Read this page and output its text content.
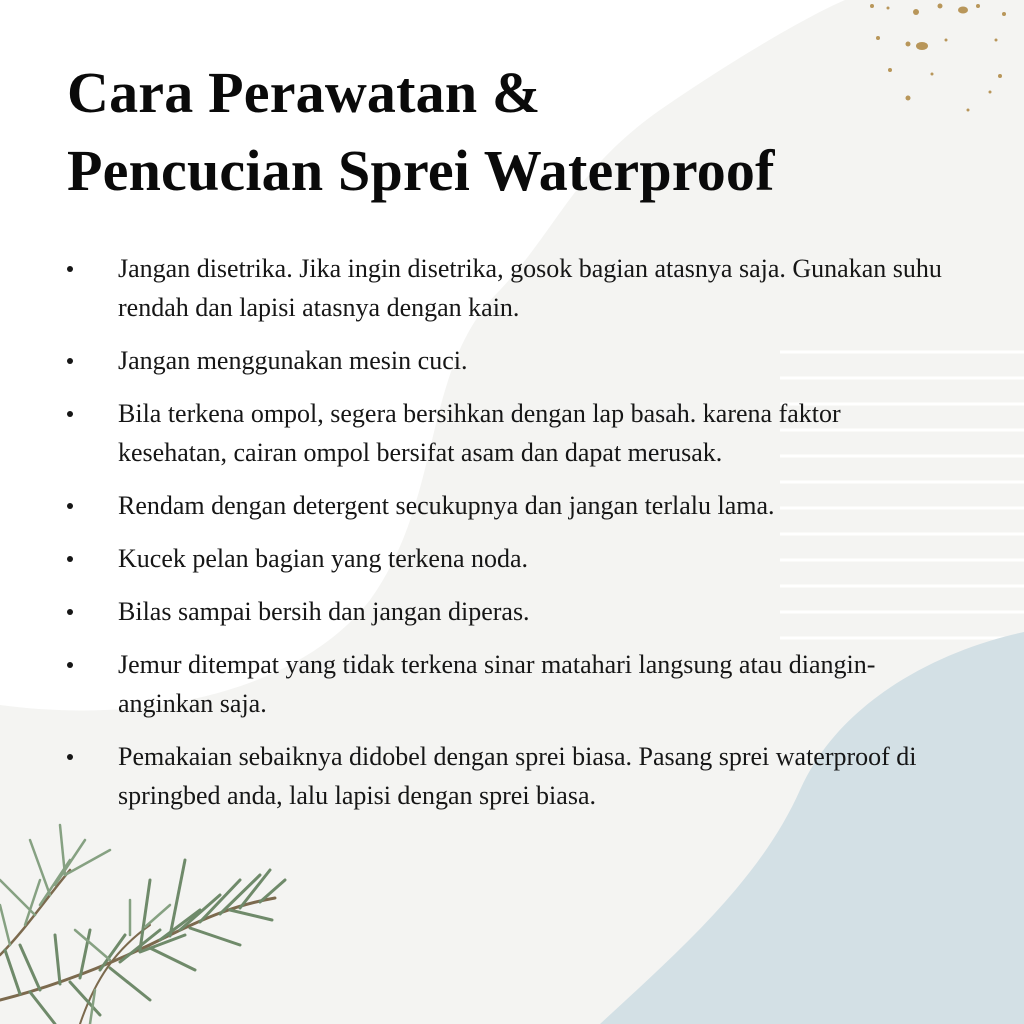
Cara Perawatan &
Pencucian Sprei Waterproof
Jangan disetrika. Jika ingin disetrika, gosok bagian atasnya saja. Gunakan suhu rendah dan lapisi atasnya dengan kain.
Jangan menggunakan mesin cuci.
Bila terkena ompol, segera bersihkan dengan lap basah. karena faktor kesehatan, cairan ompol bersifat asam dan dapat merusak.
Rendam dengan detergent secukupnya dan jangan terlalu lama.
Kucek pelan bagian yang terkena noda.
Bilas sampai bersih dan jangan diperas.
Jemur ditempat yang tidak terkena sinar matahari langsung atau diangin-anginkan saja.
Pemakaian sebaiknya didobel dengan sprei biasa. Pasang sprei waterproof di springbed anda, lalu lapisi dengan sprei biasa.
